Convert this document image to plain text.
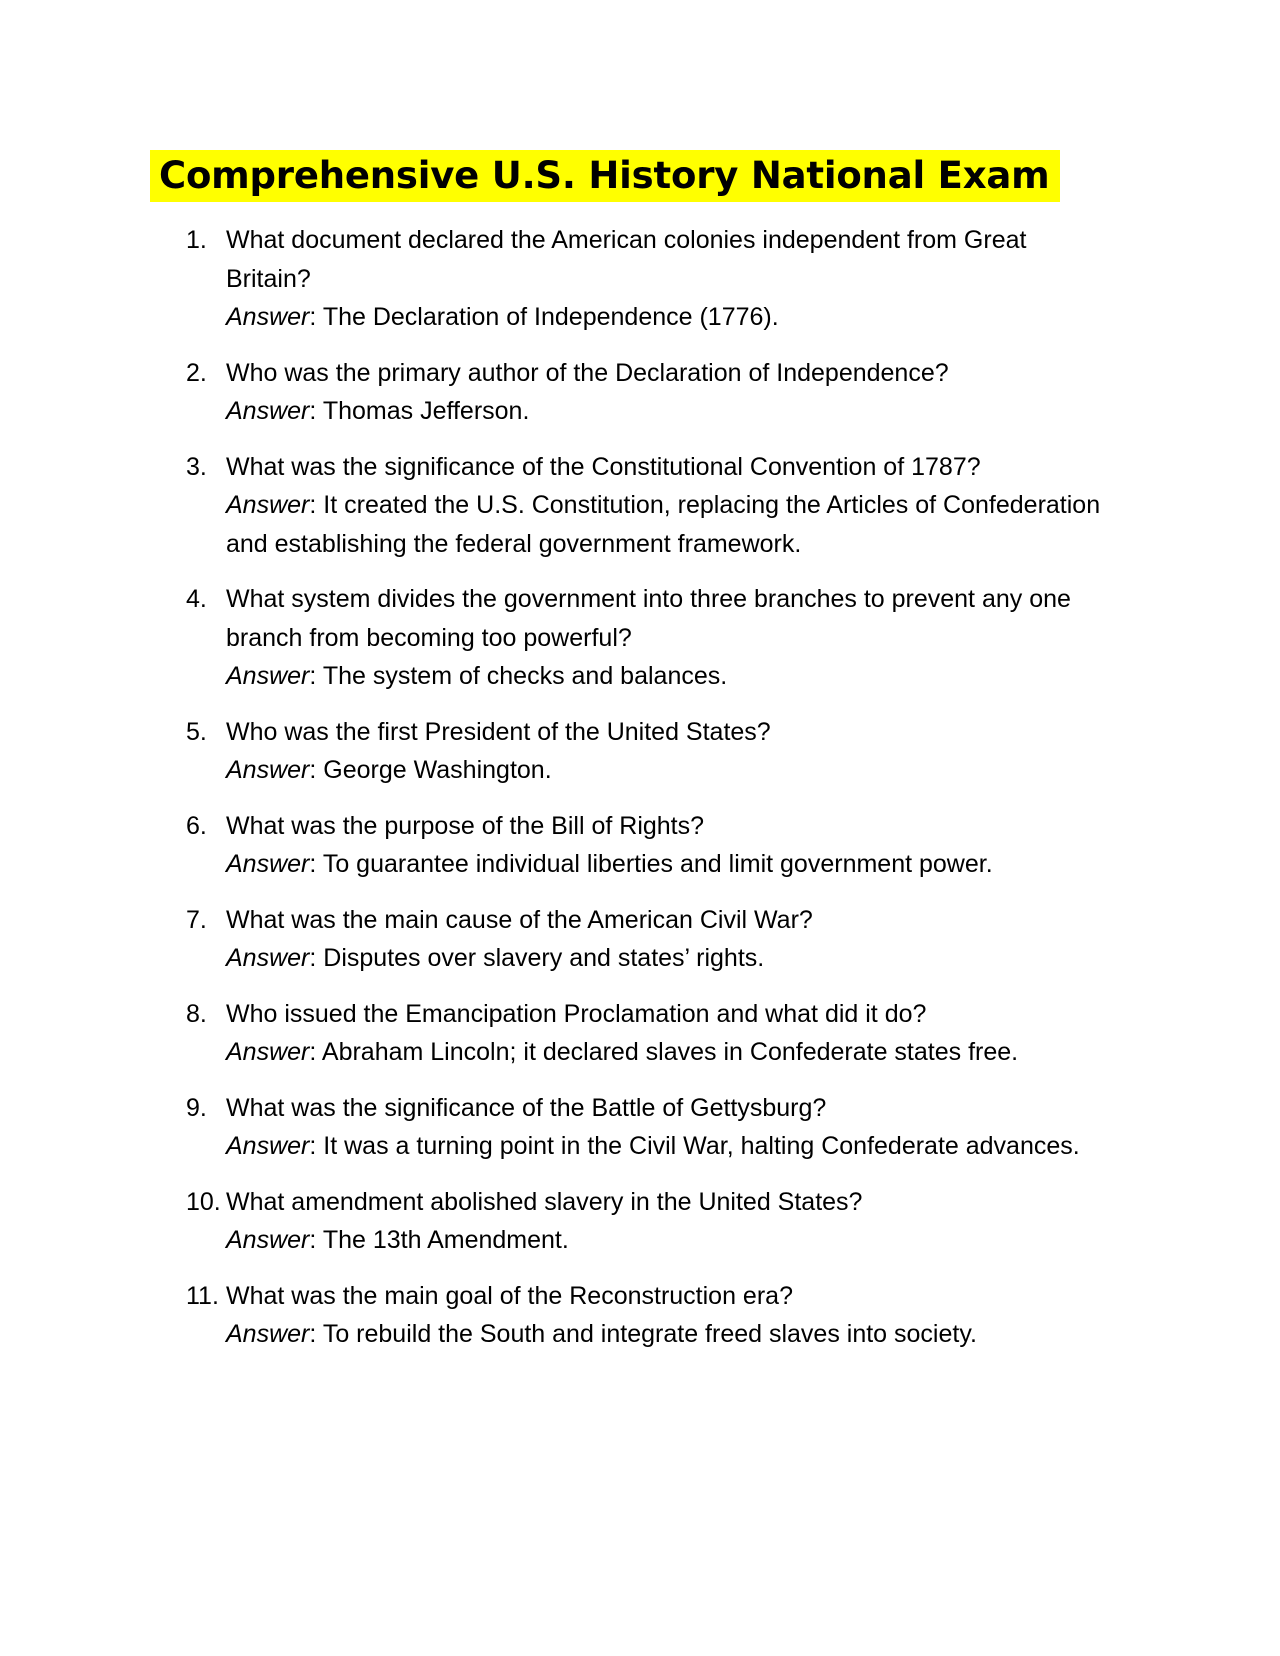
Comprehensive U.S. History National Exam
1. What document declared the American colonies independent from Great Britain?
Answer: The Declaration of Independence (1776).
2. Who was the primary author of the Declaration of Independence?
Answer: Thomas Jefferson.
3. What was the significance of the Constitutional Convention of 1787?
Answer: It created the U.S. Constitution, replacing the Articles of Confederation and establishing the federal government framework.
4. What system divides the government into three branches to prevent any one branch from becoming too powerful?
Answer: The system of checks and balances.
5. Who was the first President of the United States?
Answer: George Washington.
6. What was the purpose of the Bill of Rights?
Answer: To guarantee individual liberties and limit government power.
7. What was the main cause of the American Civil War?
Answer: Disputes over slavery and states’ rights.
8. Who issued the Emancipation Proclamation and what did it do?
Answer: Abraham Lincoln; it declared slaves in Confederate states free.
9. What was the significance of the Battle of Gettysburg?
Answer: It was a turning point in the Civil War, halting Confederate advances.
10. What amendment abolished slavery in the United States?
Answer: The 13th Amendment.
11. What was the main goal of the Reconstruction era?
Answer: To rebuild the South and integrate freed slaves into society.
